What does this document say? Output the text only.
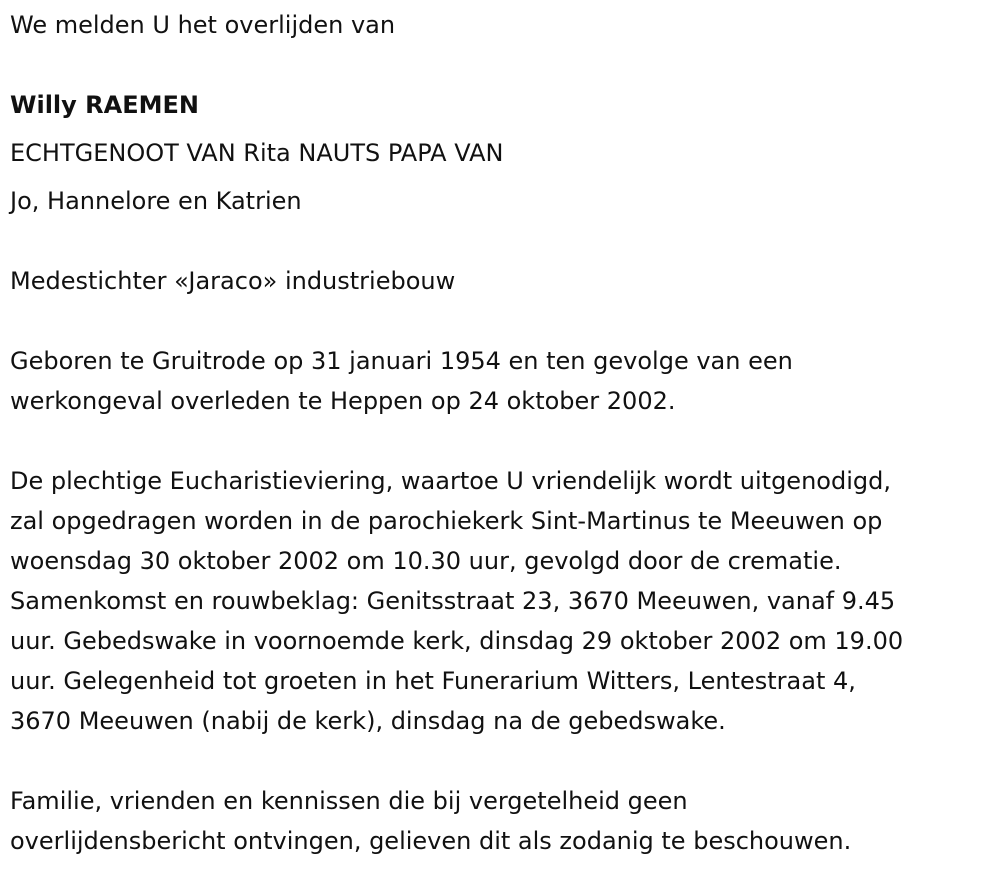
We melden U het overlijden van
Willy RAEMEN
ECHTGENOOT VAN Rita NAUTS PAPA VAN
Jo, Hannelore en Katrien
Medestichter «Jaraco» industriebouw
Geboren te Gruitrode op 31 januari 1954 en ten gevolge van een
werkongeval overleden te Heppen op 24 oktober 2002.
De plechtige Eucharistieviering, waartoe U vriendelijk wordt uitgenodigd,
zal opgedragen worden in de parochiekerk Sint-Martinus te Meeuwen op
woensdag 30 oktober 2002 om 10.30 uur, gevolgd door de crematie.
Samenkomst en rouwbeklag: Genitsstraat 23, 3670 Meeuwen, vanaf 9.45
uur. Gebedswake in voornoemde kerk, dinsdag 29 oktober 2002 om 19.00
uur. Gelegenheid tot groeten in het Funerarium Witters, Lentestraat 4,
3670 Meeuwen (nabij de kerk), dinsdag na de gebedswake.
Familie, vrienden en kennissen die bij vergetelheid geen
overlijdensbericht ontvingen, gelieven dit als zodanig te beschouwen.
